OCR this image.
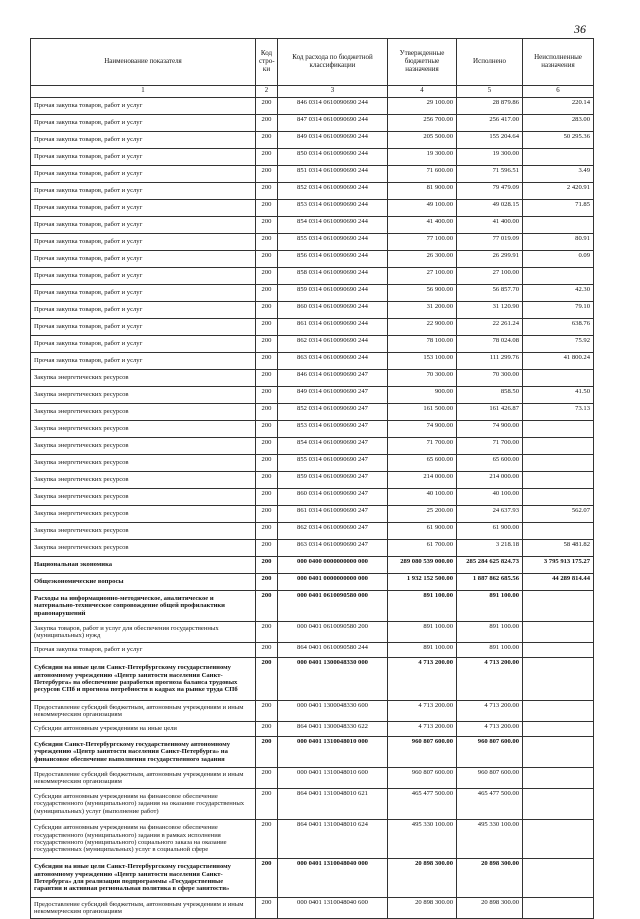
36
Наименование показателя	Код стро-ки	Код расхода по бюджетной классификации	Утвержденные бюджетные назначения	Исполнено	Неисполненные назначения
1	2	3	4	5	6
Прочая закупка товаров, работ и услуг	200	846 0314 0610090690 244	29 100.00	28 879.86	220.14
Прочая закупка товаров, работ и услуг	200	847 0314 0610090690 244	256 700.00	256 417.00	283.00
Прочая закупка товаров, работ и услуг	200	849 0314 0610090690 244	205 500.00	155 204.64	50 295.36
Прочая закупка товаров, работ и услуг	200	850 0314 0610090690 244	19 300.00	19 300.00	
Прочая закупка товаров, работ и услуг	200	851 0314 0610090690 244	71 600.00	71 596.51	3.49
Прочая закупка товаров, работ и услуг	200	852 0314 0610090690 244	81 900.00	79 479.09	2 420.91
Прочая закупка товаров, работ и услуг	200	853 0314 0610090690 244	49 100.00	49 028.15	71.85
Прочая закупка товаров, работ и услуг	200	854 0314 0610090690 244	41 400.00	41 400.00	
Прочая закупка товаров, работ и услуг	200	855 0314 0610090690 244	77 100.00	77 019.09	80.91
Прочая закупка товаров, работ и услуг	200	856 0314 0610090690 244	26 300.00	26 299.91	0.09
Прочая закупка товаров, работ и услуг	200	858 0314 0610090690 244	27 100.00	27 100.00	
Прочая закупка товаров, работ и услуг	200	859 0314 0610090690 244	56 900.00	56 857.70	42.30
Прочая закупка товаров, работ и услуг	200	860 0314 0610090690 244	31 200.00	31 120.90	79.10
Прочая закупка товаров, работ и услуг	200	861 0314 0610090690 244	22 900.00	22 261.24	638.76
Прочая закупка товаров, работ и услуг	200	862 0314 0610090690 244	78 100.00	78 024.08	75.92
Прочая закупка товаров, работ и услуг	200	863 0314 0610090690 244	153 100.00	111 299.76	41 800.24
Закупка энергетических ресурсов	200	846 0314 0610090690 247	70 300.00	70 300.00	
Закупка энергетических ресурсов	200	849 0314 0610090690 247	900.00	858.50	41.50
Закупка энергетических ресурсов	200	852 0314 0610090690 247	161 500.00	161 426.87	73.13
Закупка энергетических ресурсов	200	853 0314 0610090690 247	74 900.00	74 900.00	
Закупка энергетических ресурсов	200	854 0314 0610090690 247	71 700.00	71 700.00	
Закупка энергетических ресурсов	200	855 0314 0610090690 247	65 600.00	65 600.00	
Закупка энергетических ресурсов	200	859 0314 0610090690 247	214 000.00	214 000.00	
Закупка энергетических ресурсов	200	860 0314 0610090690 247	40 100.00	40 100.00	
Закупка энергетических ресурсов	200	861 0314 0610090690 247	25 200.00	24 637.93	562.07
Закупка энергетических ресурсов	200	862 0314 0610090690 247	61 900.00	61 900.00	
Закупка энергетических ресурсов	200	863 0314 0610090690 247	61 700.00	3 218.18	58 481.82
Национальная экономика	200	000 0400 0000000000 000	289 080 539 000.00	285 284 625 824.73	3 795 913 175.27
Общеэкономические вопросы	200	000 0401 0000000000 000	1 932 152 500.00	1 887 862 685.56	44 289 814.44
Расходы на информационно-методическое, аналитическое и материально-техническое сопровождение общей профилактики правонарушений	200	000 0401 0610090580 000	891 100.00	891 100.00	
Закупка товаров, работ и услуг для обеспечения государственных (муниципальных) нужд	200	000 0401 0610090580 200	891 100.00	891 100.00	
Прочая закупка товаров, работ и услуг	200	864 0401 0610090580 244	891 100.00	891 100.00	
Субсидии на иные цели Санкт-Петербургскому государственному автономному учреждению «Центр занятости населения Санкт-Петербурга» на обеспечение разработки прогноза баланса трудовых ресурсов СПб и прогноза потребности в кадрах на рынке труда СПб	200	000 0401 1300048330 000	4 713 200.00	4 713 200.00	
Предоставление субсидий бюджетным, автономным учреждениям и иным некоммерческим организациям	200	000 0401 1300048330 600	4 713 200.00	4 713 200.00	
Субсидии автономным учреждениям на иные цели	200	864 0401 1300048330 622	4 713 200.00	4 713 200.00	
Субсидии Санкт-Петербургскому государственному автономному учреждению «Центр занятости населения Санкт-Петербурга» на финансовое обеспечение выполнения государственного задания	200	000 0401 1310048010 000	960 807 600.00	960 807 600.00	
Предоставление субсидий бюджетным, автономным учреждениям и иным некоммерческим организациям	200	000 0401 1310048010 600	960 807 600.00	960 807 600.00	
Субсидии автономным учреждениям на финансовое обеспечение государственного (муниципального) задания на оказание государственных (муниципальных) услуг (выполнение работ)	200	864 0401 1310048010 621	465 477 500.00	465 477 500.00	
Субсидии автономным учреждениям на финансовое обеспечение государственного (муниципального) задания в рамках исполнения государственного (муниципального) социального заказа на оказание государственных (муниципальных) услуг в социальной сфере	200	864 0401 1310048010 624	495 330 100.00	495 330 100.00	
Субсидии на иные цели Санкт-Петербургскому государственному автономному учреждению «Центр занятости населения Санкт-Петербурга» для реализации подпрограммы «Государственные гарантии и активная региональная политика в сфере занятости»	200	000 0401 1310048040 000	20 898 300.00	20 898 300.00	
Предоставление субсидий бюджетным, автономным учреждениям и иным некоммерческим организациям	200	000 0401 1310048040 600	20 898 300.00	20 898 300.00	
